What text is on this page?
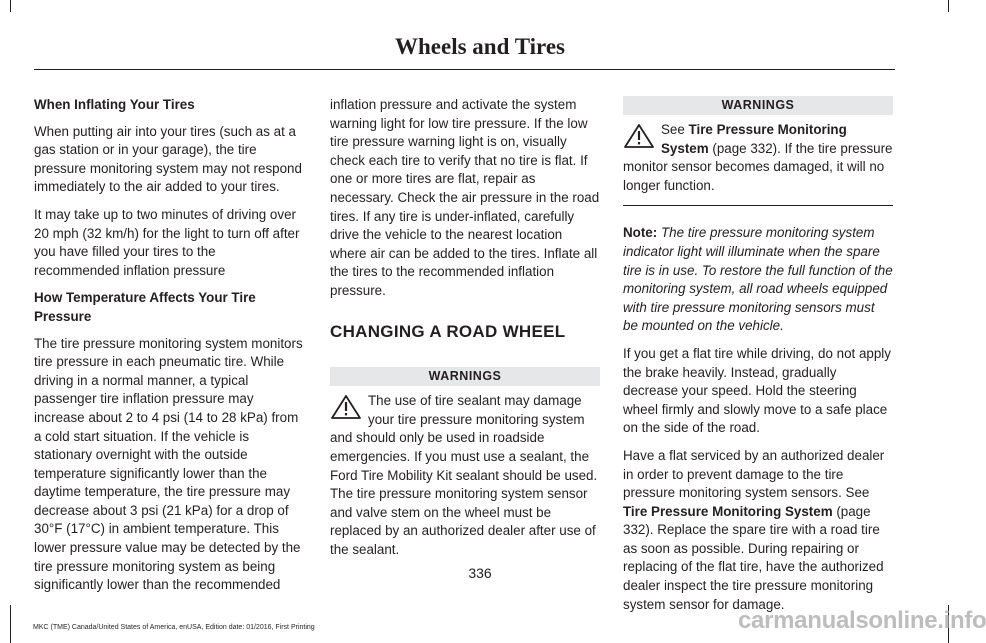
Wheels and Tires

When Inflating Your Tires

When putting air into your tires (such as at a gas station or in your garage), the tire pressure monitoring system may not respond immediately to the air added to your tires.

It may take up to two minutes of driving over 20 mph (32 km/h) for the light to turn off after you have filled your tires to the recommended inflation pressure

How Temperature Affects Your Tire Pressure

The tire pressure monitoring system monitors tire pressure in each pneumatic tire. While driving in a normal manner, a typical passenger tire inflation pressure may increase about 2 to 4 psi (14 to 28 kPa) from a cold start situation. If the vehicle is stationary overnight with the outside temperature significantly lower than the daytime temperature, the tire pressure may decrease about 3 psi (21 kPa) for a drop of 30°F (17°C) in ambient temperature. This lower pressure value may be detected by the tire pressure monitoring system as being significantly lower than the recommended

inflation pressure and activate the system warning light for low tire pressure. If the low tire pressure warning light is on, visually check each tire to verify that no tire is flat. If one or more tires are flat, repair as necessary. Check the air pressure in the road tires. If any tire is under-inflated, carefully drive the vehicle to the nearest location where air can be added to the tires. Inflate all the tires to the recommended inflation pressure.

CHANGING A ROAD WHEEL
WARNINGS

The use of tire sealant may damage your tire pressure monitoring system and should only be used in roadside emergencies. If you must use a sealant, the Ford Tire Mobility Kit sealant should be used. The tire pressure monitoring system sensor and valve stem on the wheel must be replaced by an authorized dealer after use of the sealant.

WARNINGS

See Tire Pressure Monitoring System (page 332). If the tire pressure monitor sensor becomes damaged, it will no longer function.

Note: The tire pressure monitoring system indicator light will illuminate when the spare tire is in use. To restore the full function of the monitoring system, all road wheels equipped with tire pressure monitoring sensors must be mounted on the vehicle.

If you get a flat tire while driving, do not apply the brake heavily. Instead, gradually decrease your speed. Hold the steering wheel firmly and slowly move to a safe place on the side of the road.

Have a flat serviced by an authorized dealer in order to prevent damage to the tire pressure monitoring system sensors. See Tire Pressure Monitoring System (page 332). Replace the spare tire with a road tire as soon as possible. During repairing or replacing of the flat tire, have the authorized dealer inspect the tire pressure monitoring system sensor for damage.

336
MKC (TME) Canada/United States of America, enUSA, Edition date: 01/2016, First Printing	carmanualsonline.info
